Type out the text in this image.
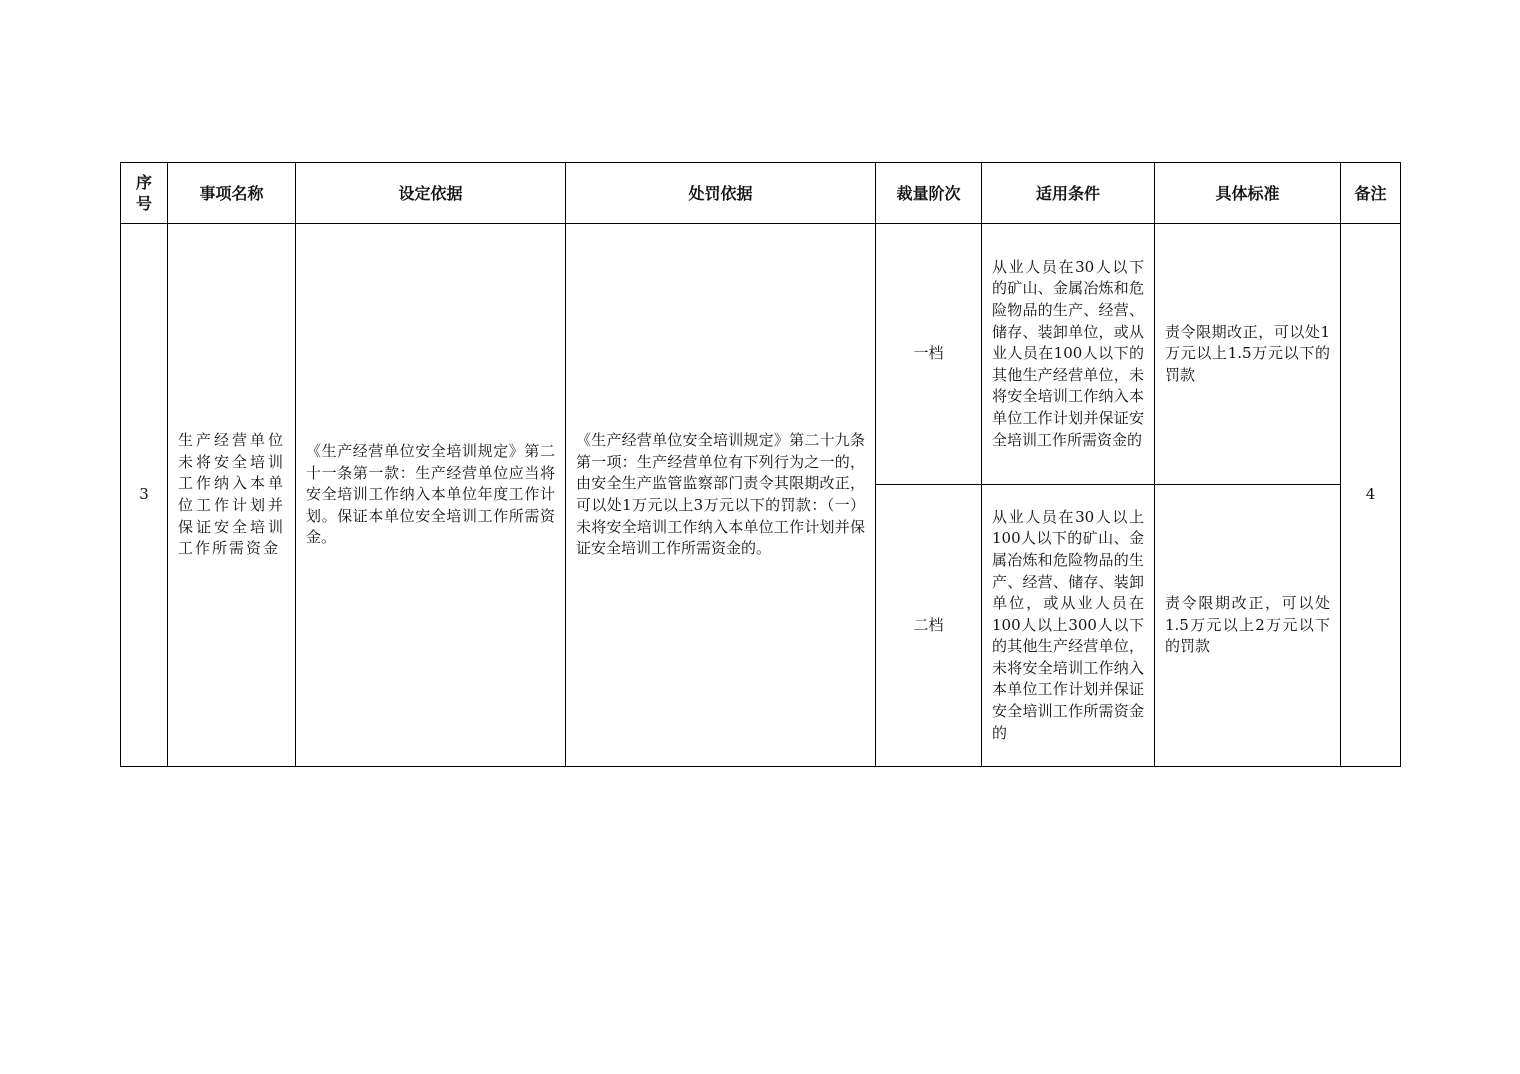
序号	事项名称	设定依据	处罚依据	裁量阶次	适用条件	具体标准	备注
3	生产经营单位未将安全培训工作纳入本单位工作计划并保证安全培训工作所需资金	《生产经营单位安全培训规定》第二十一条第一款：生产经营单位应当将安全培训工作纳入本单位年度工作计划。保证本单位安全培训工作所需资金。	《生产经营单位安全培训规定》第二十九条第一项：生产经营单位有下列行为之一的，由安全生产监管监察部门责令其限期改正，可以处1万元以上3万元以下的罚款：（一）未将安全培训工作纳入本单位工作计划并保证安全培训工作所需资金的。	一档	从业人员在30人以下的矿山、金属冶炼和危险物品的生产、经营、储存、装卸单位，或从业人员在100人以下的其他生产经营单位，未将安全培训工作纳入本单位工作计划并保证安全培训工作所需资金的	责令限期改正，可以处1万元以上1.5万元以下的罚款	4
				二档	从业人员在30人以上100人以下的矿山、金属冶炼和危险物品的生产、经营、储存、装卸单位，或从业人员在100人以上300人以下的其他生产经营单位，未将安全培训工作纳入本单位工作计划并保证安全培训工作所需资金的	责令限期改正，可以处1.5万元以上2万元以下的罚款	
